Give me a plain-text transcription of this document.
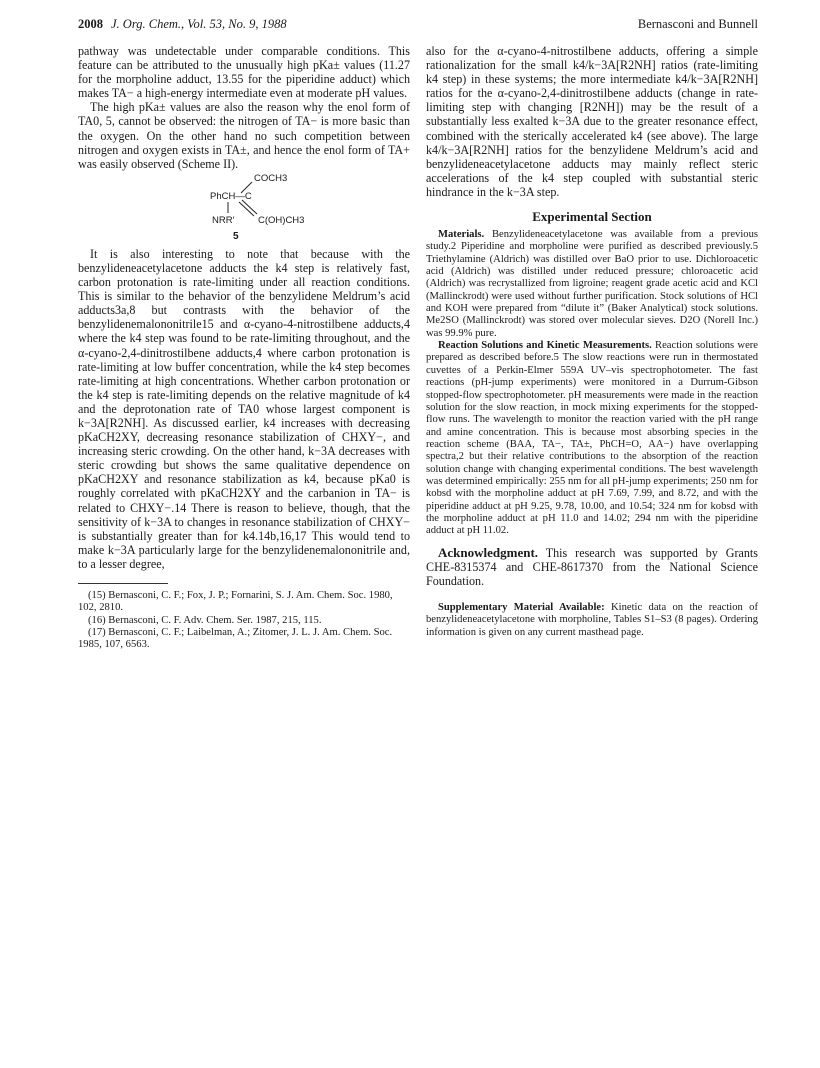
2008 J. Org. Chem., Vol. 53, No. 9, 1988	Bernasconi and Bunnell

pathway was undetectable under comparable conditions. This feature can be attributed to the unusually high pKa± values (11.27 for the morpholine adduct, 13.55 for the piperidine adduct) which makes TA− a high-energy intermediate even at moderate pH values.

The high pKa± values are also the reason why the enol form of TA0, 5, cannot be observed: the nitrogen of TA− is more basic than the oxygen. On the other hand no such competition between nitrogen and oxygen exists in TA±, and hence the enol form of TA+ was easily observed (Scheme II).

COCH3
PhCH—C
NRR′ C(OH)CH3
5

It is also interesting to note that because with the benzylideneacetylacetone adducts the k4 step is relatively fast, carbon protonation is rate-limiting under all reaction conditions. This is similar to the behavior of the benzylidene Meldrum’s acid adducts3a,8 but contrasts with the behavior of the benzylidenemalononitrile15 and α-cyano-4-nitrostilbene adducts,4 where the k4 step was found to be rate-limiting throughout, and the α-cyano-2,4-dinitrostilbene adducts,4 where carbon protonation is rate-limiting at low buffer concentration, while the k4 step becomes rate-limiting at high concentrations. Whether carbon protonation or the k4 step is rate-limiting depends on the relative magnitude of k4 and the deprotonation rate of TA0 whose largest component is k−3A[R2NH]. As discussed earlier, k4 increases with decreasing pKaCH2XY, decreasing resonance stabilization of CHXY−, and increasing steric crowding. On the other hand, k−3A decreases with steric crowding but shows the same qualitative dependence on pKaCH2XY and resonance stabilization as k4, because pKa0 is roughly correlated with pKaCH2XY and the carbanion in TA− is related to CHXY−.14 There is reason to believe, though, that the sensitivity of k−3A to changes in resonance stabilization of CHXY− is substantially greater than for k4.14b,16,17 This would tend to make k−3A particularly large for the benzylidenemalononitrile and, to a lesser degree,

(15) Bernasconi, C. F.; Fox, J. P.; Fornarini, S. J. Am. Chem. Soc. 1980, 102, 2810.

(16) Bernasconi, C. F. Adv. Chem. Ser. 1987, 215, 115.

(17) Bernasconi, C. F.; Laibelman, A.; Zitomer, J. L. J. Am. Chem. Soc. 1985, 107, 6563.

also for the α-cyano-4-nitrostilbene adducts, offering a simple rationalization for the small k4/k−3A[R2NH] ratios (rate-limiting k4 step) in these systems; the more intermediate k4/k−3A[R2NH] ratios for the α-cyano-2,4-dinitrostilbene adducts (change in rate-limiting step with changing [R2NH]) may be the result of a substantially less exalted k−3A due to the greater resonance effect, combined with the sterically accelerated k4 (see above). The large k4/k−3A[R2NH] ratios for the benzylidene Meldrum’s acid and benzylideneacetylacetone adducts may mainly reflect steric accelerations of the k4 step coupled with substantial steric hindrance in the k−3A step.

Experimental Section

Materials. Benzylideneacetylacetone was available from a previous study.2 Piperidine and morpholine were purified as described previously.5 Triethylamine (Aldrich) was distilled over BaO prior to use. Dichloroacetic acid (Aldrich) was distilled under reduced pressure; chloroacetic acid (Aldrich) was recrystallized from ligroine; reagent grade acetic acid and KCl (Mallinckrodt) were used without further purification. Stock solutions of HCl and KOH were prepared from “dilute it” (Baker Analytical) stock solutions. Me2SO (Mallinckrodt) was stored over molecular sieves. D2O (Norell Inc.) was 99.9% pure.

Reaction Solutions and Kinetic Measurements. Reaction solutions were prepared as described before.5 The slow reactions were run in thermostated cuvettes of a Perkin-Elmer 559A UV–vis spectrophotometer. The fast reactions (pH-jump experiments) were monitored in a Durrum-Gibson stopped-flow spectrophotometer. pH measurements were made in the reaction solution for the slow reaction, in mock mixing experiments for the stopped-flow runs. The wavelength to monitor the reaction varied with the pH range and amine concentration. This is because most absorbing species in the reaction scheme (BAA, TA−, TA±, PhCH=O, AA−) have overlapping spectra,2 but their relative contributions to the absorption of the reaction solution change with changing experimental conditions. The best wavelength was determined empirically: 255 nm for all pH-jump experiments; 250 nm for kobsd with the morpholine adduct at pH 7.69, 7.99, and 8.72, and with the piperidine adduct at pH 9.25, 9.78, 10.00, and 10.54; 324 nm for kobsd with the morpholine adduct at pH 11.0 and 14.02; 294 nm with the piperidine adduct at pH 11.02.

Acknowledgment. This research was supported by Grants CHE-8315374 and CHE-8617370 from the National Science Foundation.

Supplementary Material Available: Kinetic data on the reaction of benzylideneacetylacetone with morpholine, Tables S1–S3 (8 pages). Ordering information is given on any current masthead page.
